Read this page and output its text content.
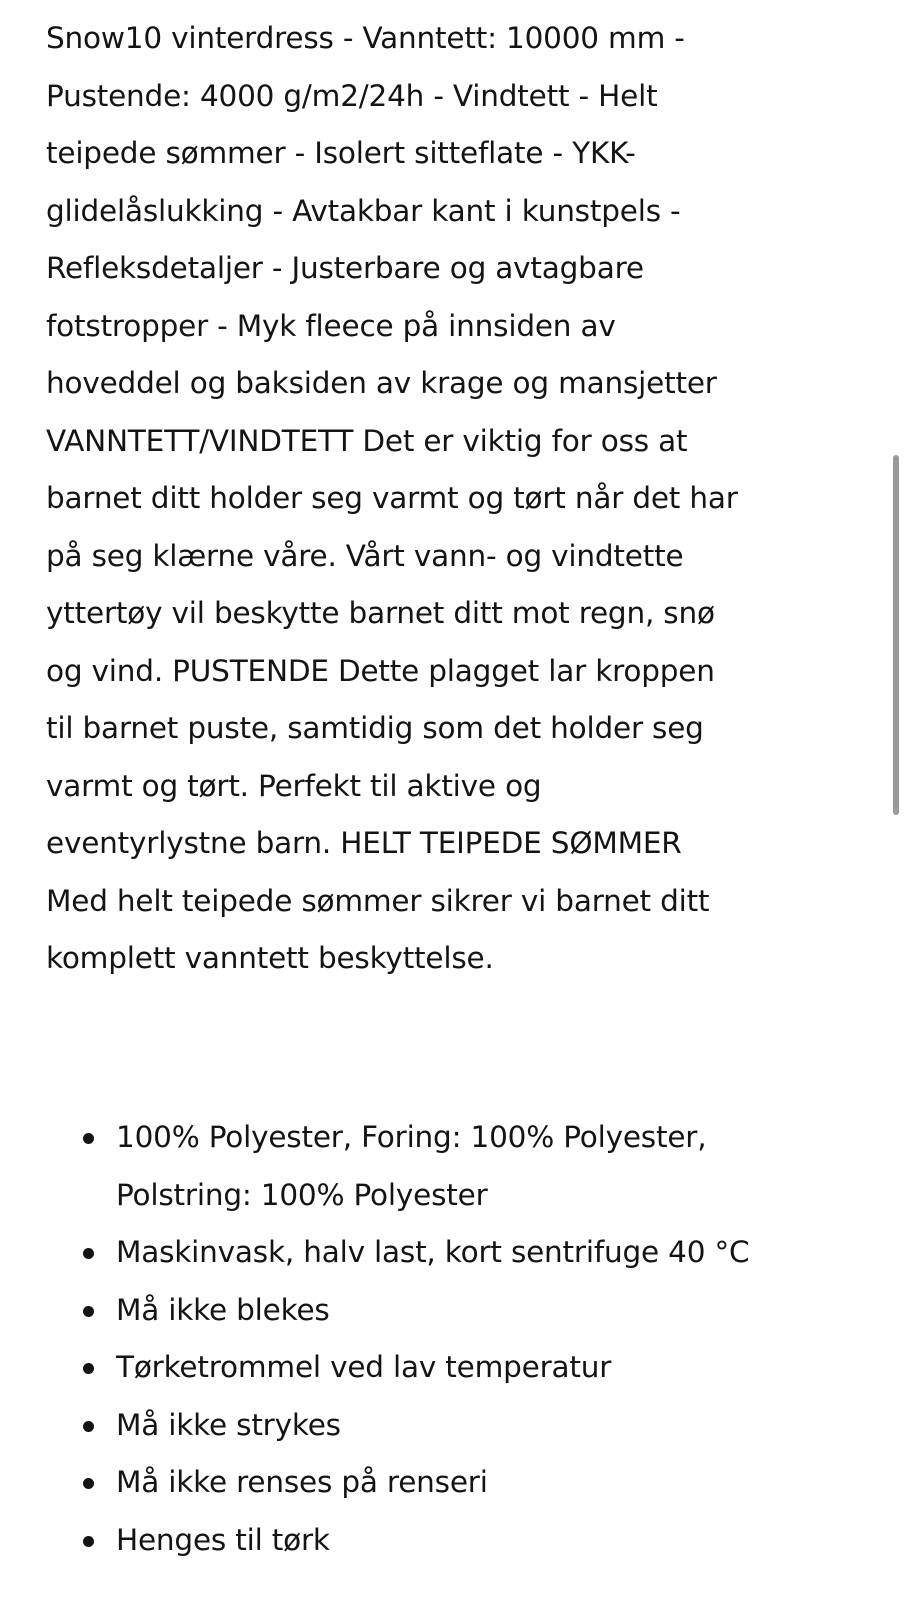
Snow10 vinterdress - Vanntett: 10000 mm -
Pustende: 4000 g/m2/24h - Vindtett - Helt
teipede sømmer - Isolert sitteflate - YKK-
glidelåslukking - Avtakbar kant i kunstpels -
Refleksdetaljer - Justerbare og avtagbare
fotstropper - Myk fleece på innsiden av
hoveddel og baksiden av krage og mansjetter
VANNTETT/VINDTETT Det er viktig for oss at
barnet ditt holder seg varmt og tørt når det har
på seg klærne våre. Vårt vann- og vindtette
yttertøy vil beskytte barnet ditt mot regn, snø
og vind. PUSTENDE Dette plagget lar kroppen
til barnet puste, samtidig som det holder seg
varmt og tørt. Perfekt til aktive og
eventyrlystne barn. HELT TEIPEDE SØMMER
Med helt teipede sømmer sikrer vi barnet ditt
komplett vanntett beskyttelse.
100% Polyester, Foring: 100% Polyester,
Polstring: 100% Polyester
Maskinvask, halv last, kort sentrifuge 40 °C
Må ikke blekes
Tørketrommel ved lav temperatur
Må ikke strykes
Må ikke renses på renseri
Henges til tørk
